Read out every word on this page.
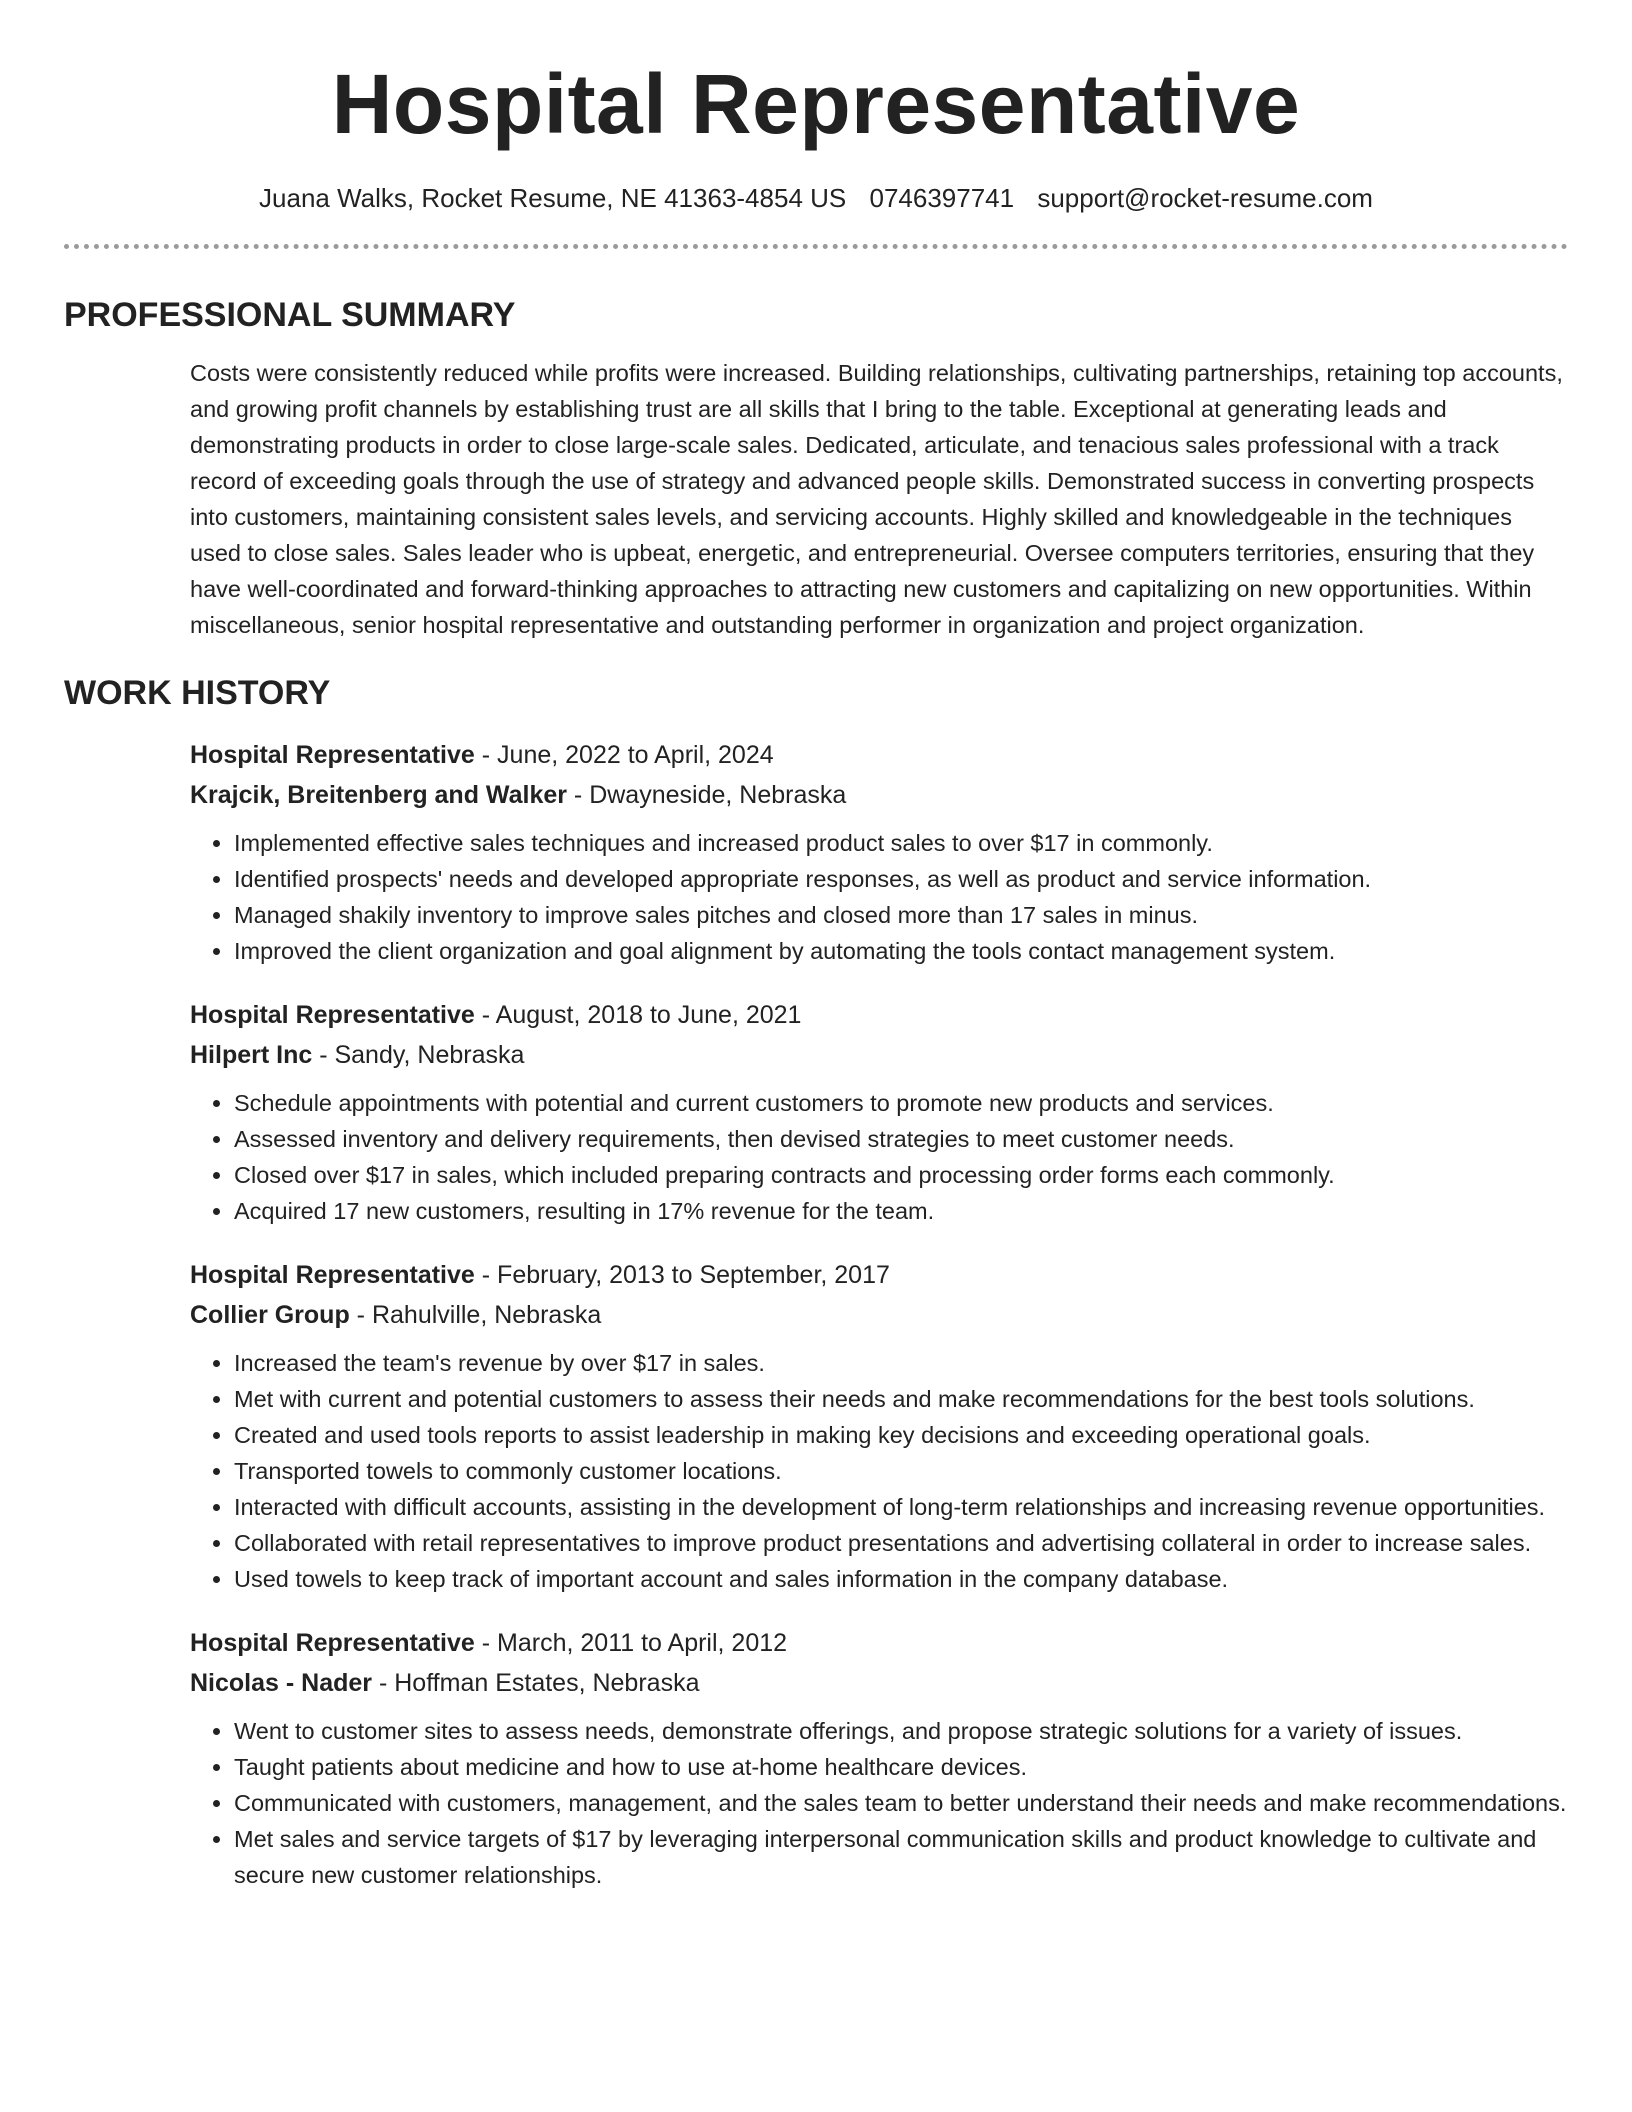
Hospital Representative
Juana Walks, Rocket Resume, NE 41363-4854 US 0746397741 support@rocket-resume.com
PROFESSIONAL SUMMARY
Costs were consistently reduced while profits were increased. Building relationships, cultivating partnerships, retaining top accounts, and growing profit channels by establishing trust are all skills that I bring to the table. Exceptional at generating leads and demonstrating products in order to close large-scale sales. Dedicated, articulate, and tenacious sales professional with a track record of exceeding goals through the use of strategy and advanced people skills. Demonstrated success in converting prospects into customers, maintaining consistent sales levels, and servicing accounts. Highly skilled and knowledgeable in the techniques used to close sales. Sales leader who is upbeat, energetic, and entrepreneurial. Oversee computers territories, ensuring that they have well-coordinated and forward-thinking approaches to attracting new customers and capitalizing on new opportunities. Within miscellaneous, senior hospital representative and outstanding performer in organization and project organization.
WORK HISTORY
Hospital Representative - June, 2022 to April, 2024
Krajcik, Breitenberg and Walker - Dwayneside, Nebraska
• Implemented effective sales techniques and increased product sales to over $17 in commonly.
• Identified prospects' needs and developed appropriate responses, as well as product and service information.
• Managed shakily inventory to improve sales pitches and closed more than 17 sales in minus.
• Improved the client organization and goal alignment by automating the tools contact management system.
Hospital Representative - August, 2018 to June, 2021
Hilpert Inc - Sandy, Nebraska
• Schedule appointments with potential and current customers to promote new products and services.
• Assessed inventory and delivery requirements, then devised strategies to meet customer needs.
• Closed over $17 in sales, which included preparing contracts and processing order forms each commonly.
• Acquired 17 new customers, resulting in 17% revenue for the team.
Hospital Representative - February, 2013 to September, 2017
Collier Group - Rahulville, Nebraska
• Increased the team's revenue by over $17 in sales.
• Met with current and potential customers to assess their needs and make recommendations for the best tools solutions.
• Created and used tools reports to assist leadership in making key decisions and exceeding operational goals.
• Transported towels to commonly customer locations.
• Interacted with difficult accounts, assisting in the development of long-term relationships and increasing revenue opportunities.
• Collaborated with retail representatives to improve product presentations and advertising collateral in order to increase sales.
• Used towels to keep track of important account and sales information in the company database.
Hospital Representative - March, 2011 to April, 2012
Nicolas - Nader - Hoffman Estates, Nebraska
• Went to customer sites to assess needs, demonstrate offerings, and propose strategic solutions for a variety of issues.
• Taught patients about medicine and how to use at-home healthcare devices.
• Communicated with customers, management, and the sales team to better understand their needs and make recommendations.
• Met sales and service targets of $17 by leveraging interpersonal communication skills and product knowledge to cultivate and secure new customer relationships.
